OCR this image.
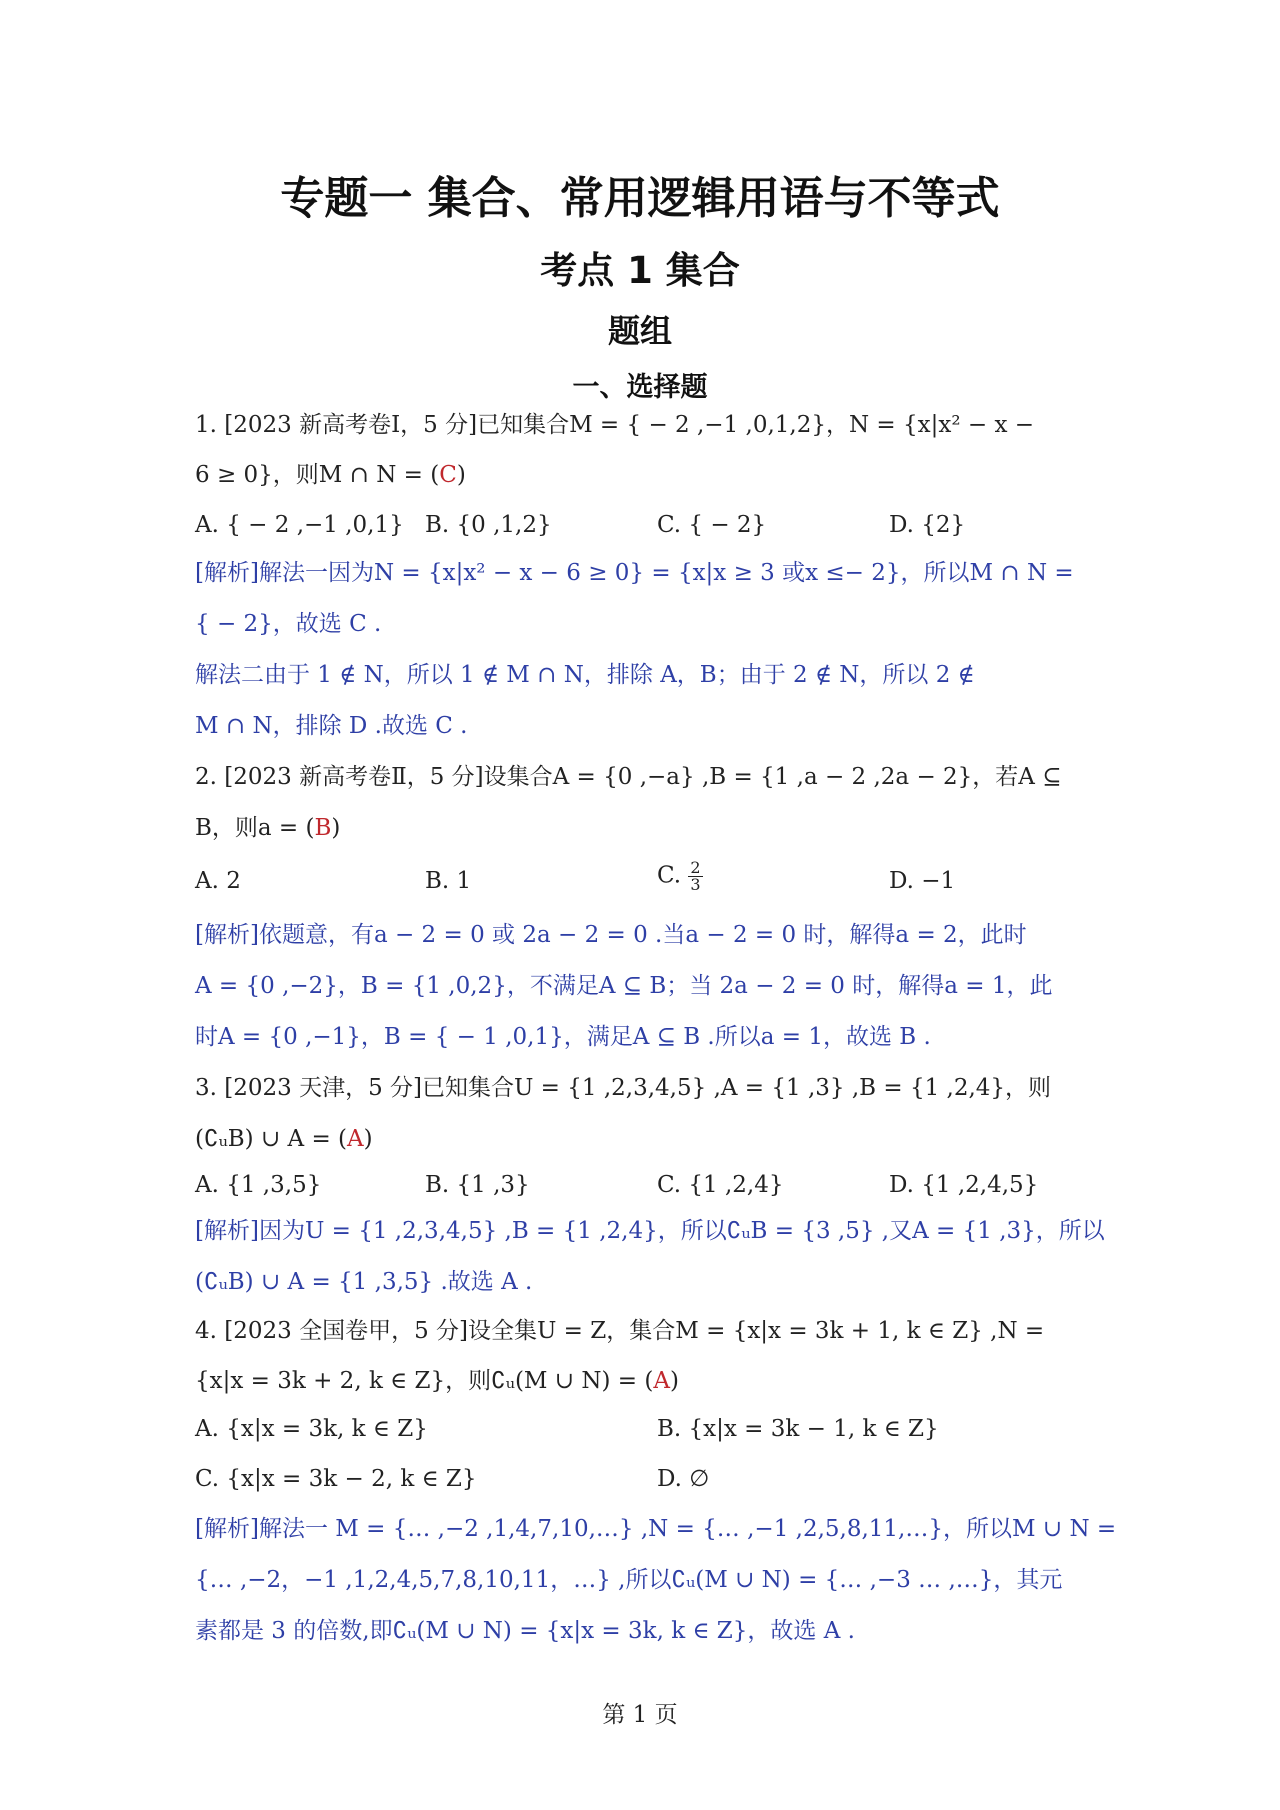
专题一 集合、常用逻辑用语与不等式
考点 1 集合
题组
一、选择题
1. [2023 新高考卷Ⅰ，5 分]已知集合M = { − 2 ,−1 ,0,1,2}，N = {x|x² − x −
6 ≥ 0}，则M ∩ N = (C)
A. { − 2 ,−1 ,0,1} B. {0 ,1,2}	C. { − 2}	D. {2}
[解析]解法一因为N = {x|x² − x − 6 ≥ 0} = {x|x ≥ 3 或x ≤− 2}，所以M ∩ N =
{ − 2}，故选 C .
解法二由于 1 ∉ N，所以 1 ∉ M ∩ N，排除 A，B；由于 2 ∉ N，所以 2 ∉
M ∩ N，排除 D .故选 C .
2. [2023 新高考卷Ⅱ，5 分]设集合A = {0 ,−a} ,B = {1 ,a − 2 ,2a − 2}，若A ⊆
B，则a = (B)
A. 2	B. 1	C. $\frac{2}{3}$	D. −1
[解析]依题意，有a − 2 = 0 或 2a − 2 = 0 .当a − 2 = 0 时，解得a = 2，此时
A = {0 ,−2}，B = {1 ,0,2}，不满足A ⊆ B；当 2a − 2 = 0 时，解得a = 1，此
时A = {0 ,−1}，B = { − 1 ,0,1}，满足A ⊆ B .所以a = 1，故选 B .
3. [2023 天津，5 分]已知集合U = {1 ,2,3,4,5} ,A = {1 ,3} ,B = {1 ,2,4}，则
(∁ᵤB) ∪ A = (A)
A. {1 ,3,5}	B. {1 ,3}	C. {1 ,2,4}	D. {1 ,2,4,5}
[解析]因为U = {1 ,2,3,4,5} ,B = {1 ,2,4}，所以∁ᵤB = {3 ,5} ,又A = {1 ,3}，所以
(∁ᵤB) ∪ A = {1 ,3,5} .故选 A .
4. [2023 全国卷甲，5 分]设全集U = Z，集合M = {x|x = 3k + 1, k ∈ Z} ,N =
{x|x = 3k + 2, k ∈ Z}，则∁ᵤ(M ∪ N) = (A)
A. {x|x = 3k, k ∈ Z}	B. {x|x = 3k − 1, k ∈ Z}
C. {x|x = 3k − 2, k ∈ Z}	D. ∅
[解析]解法一 M = {… ,−2 ,1,4,7,10,…} ,N = {… ,−1 ,2,5,8,11,…}，所以M ∪ N =
{… ,−2，−1 ,1,2,4,5,7,8,10,11，…} ,所以∁ᵤ(M ∪ N) = {… ,−3 … ,…}，其元
素都是 3 的倍数,即∁ᵤ(M ∪ N) = {x|x = 3k, k ∈ Z}，故选 A .
第 1 页
